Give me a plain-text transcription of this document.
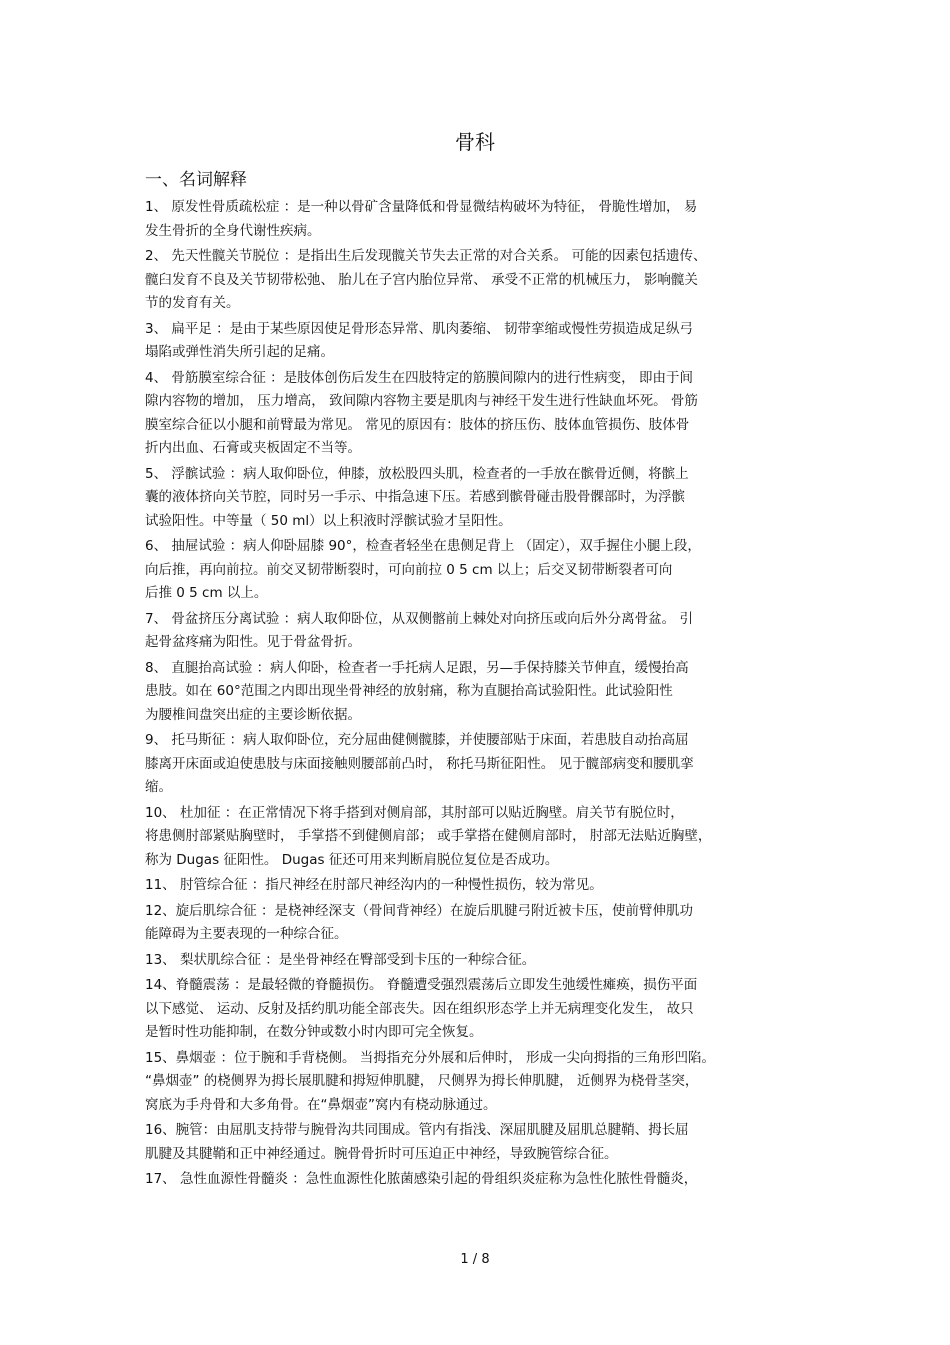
骨科
一、名词解释
1、 原发性骨质疏松症 ：是一种以骨矿含量降低和骨显微结构破坏为特征， 骨脆性增加， 易
发生骨折的全身代谢性疾病。
2、 先天性髋关节脱位 ：是指出生后发现髋关节失去正常的对合关系。 可能的因素包括遗传、
髋臼发育不良及关节韧带松弛、 胎儿在子宫内胎位异常、 承受不正常的机械压力， 影响髋关
节的发育有关。
3、 扁平足 ：是由于某些原因使足骨形态异常、肌肉萎缩、 韧带挛缩或慢性劳损造成足纵弓
塌陷或弹性消失所引起的足痛。
4、 骨筋膜室综合征 ：是肢体创伤后发生在四肢特定的筋膜间隙内的进行性病变， 即由于间
隙内容物的增加， 压力增高， 致间隙内容物主要是肌肉与神经干发生进行性缺血坏死。 骨筋
膜室综合征以小腿和前臂最为常见。 常见的原因有：肢体的挤压伤、肢体血管损伤、肢体骨
折内出血、石膏或夹板固定不当等。
5、 浮髌试验 ：病人取仰卧位，伸膝，放松股四头肌，检查者的一手放在髌骨近侧，将髌上
囊的液体挤向关节腔，同时另一手示、中指急速下压。若感到髌骨碰击股骨髁部时，为浮髌
试验阳性。中等量（ 50 ml）以上积液时浮髌试验才呈阳性。
6、 抽屉试验 ：病人仰卧屈膝 90°，检查者轻坐在患侧足背上 （固定），双手握住小腿上段，
向后推，再向前拉。前交叉韧带断裂时，可向前拉 0 5 cm 以上；后交叉韧带断裂者可向
后推 0 5 cm 以上。
7、 骨盆挤压分离试验 ：病人取仰卧位，从双侧髂前上棘处对向挤压或向后外分离骨盆。 引
起骨盆疼痛为阳性。见于骨盆骨折。
8、 直腿抬高试验 ：病人仰卧，检查者一手托病人足跟，另—手保持膝关节伸直，缓慢抬高
患肢。如在 60°范围之内即出现坐骨神经的放射痛，称为直腿抬高试验阳性。此试验阳性
为腰椎间盘突出症的主要诊断依据。
9、 托马斯征 ：病人取仰卧位，充分屈曲健侧髋膝，并使腰部贴于床面，若患肢自动抬高屈
膝离开床面或迫使患肢与床面接触则腰部前凸时， 称托马斯征阳性。 见于髋部病变和腰肌挛
缩。
10、 杜加征 ：在正常情况下将手搭到对侧肩部，其肘部可以贴近胸壁。肩关节有脱位时，
将患侧肘部紧贴胸壁时， 手掌搭不到健侧肩部； 或手掌搭在健侧肩部时， 肘部无法贴近胸壁，
称为 Dugas 征阳性。 Dugas 征还可用来判断肩脱位复位是否成功。
11、 肘管综合征 ：指尺神经在肘部尺神经沟内的一种慢性损伤，较为常见。
12、旋后肌综合征 ：是桡神经深支（骨间背神经）在旋后肌腱弓附近被卡压，使前臂伸肌功
能障碍为主要表现的一种综合征。
13、 梨状肌综合征 ：是坐骨神经在臀部受到卡压的一种综合征。
14、脊髓震荡 ：是最轻微的脊髓损伤。 脊髓遭受强烈震荡后立即发生弛缓性瘫痪，损伤平面
以下感觉、 运动、反射及括约肌功能全部丧失。因在组织形态学上并无病理变化发生， 故只
是暂时性功能抑制，在数分钟或数小时内即可完全恢复。
15、鼻烟壶 ：位于腕和手背桡侧。 当拇指充分外展和后伸时， 形成一尖向拇指的三角形凹陷。
“鼻烟壶” 的桡侧界为拇长展肌腱和拇短伸肌腱， 尺侧界为拇长伸肌腱， 近侧界为桡骨茎突，
窝底为手舟骨和大多角骨。在“鼻烟壶”窝内有桡动脉通过。
16、腕管：由屈肌支持带与腕骨沟共同围成。管内有指浅、深屈肌腱及屈肌总腱鞘、拇长屈
肌腱及其腱鞘和正中神经通过。腕骨骨折时可压迫正中神经，导致腕管综合征。
17、 急性血源性骨髓炎 ：急性血源性化脓菌感染引起的骨组织炎症称为急性化脓性骨髓炎，
1 / 8
